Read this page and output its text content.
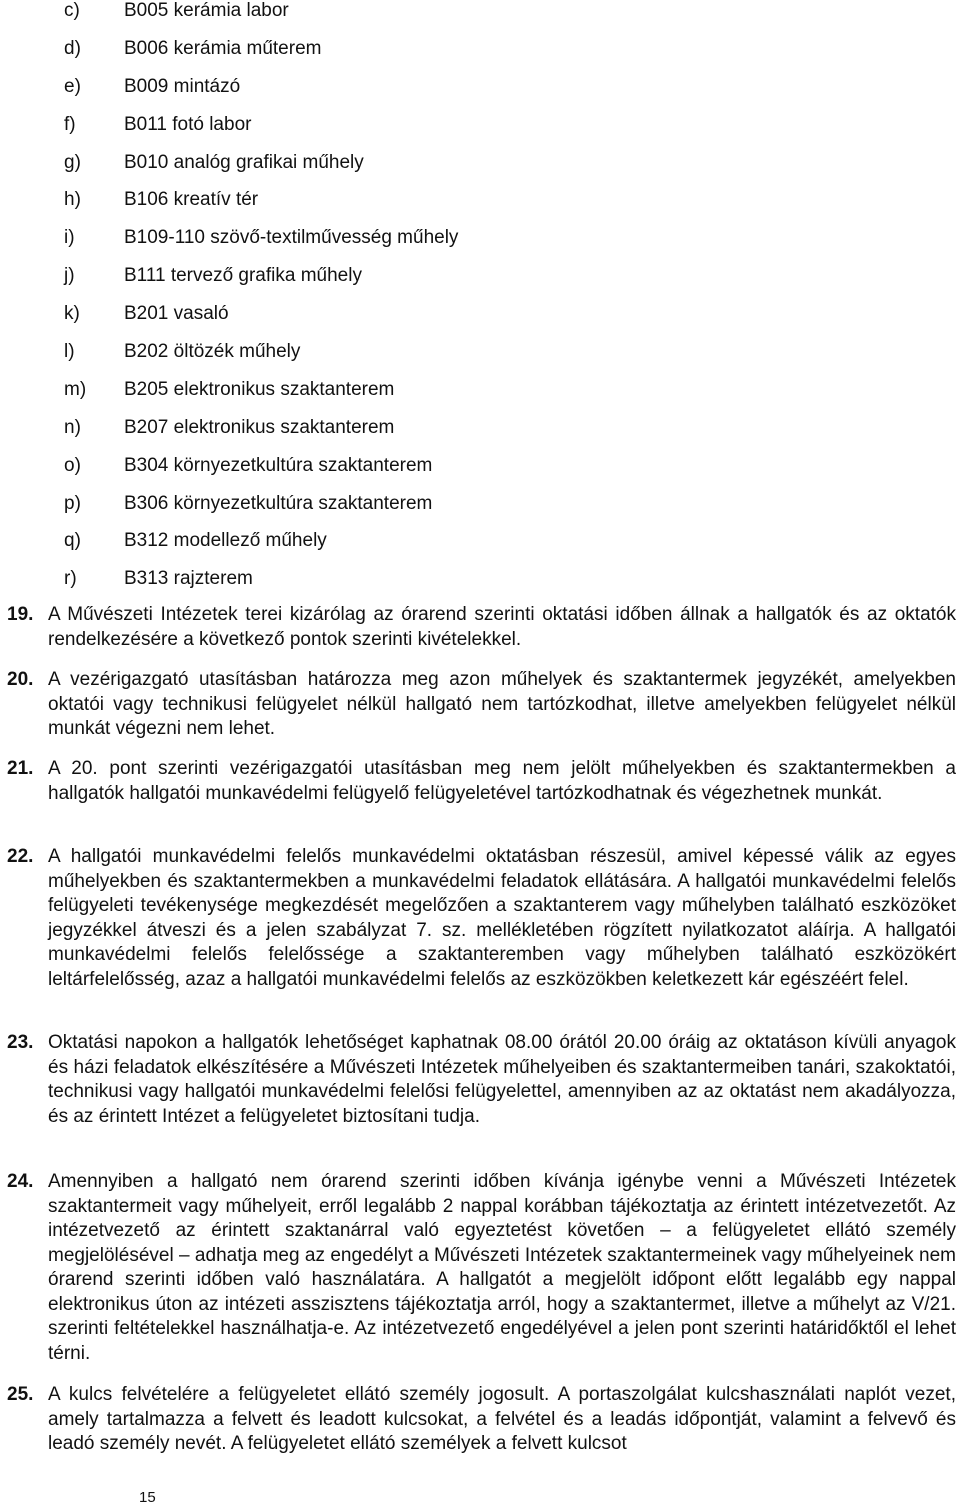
c) B005 kerámia labor
d) B006 kerámia műterem
e) B009 mintázó
f)	B011 fotó labor
g) B010 analóg grafikai műhely
h) B106 kreatív tér
i)	B109-110 szövő-textilművesség műhely
j)	B111 tervező grafika műhely
k) B201 vasaló
l)	B202 öltözék műhely
m) B205 elektronikus szaktanterem
n) B207 elektronikus szaktanterem
o) B304 környezetkultúra szaktanterem
p) B306 környezetkultúra szaktanterem
q) B312 modellező műhely
r) B313 rajzterem
19. A Művészeti Intézetek terei kizárólag az órarend szerinti oktatási időben állnak a hallgatók és az oktatók rendelkezésére a következő pontok szerinti kivételekkel.
20. A vezérigazgató utasításban határozza meg azon műhelyek és szaktantermek jegyzékét, amelyekben oktatói vagy technikusi felügyelet nélkül hallgató nem tartózkodhat, illetve amelyekben felügyelet nélkül munkát végezni nem lehet.
21. A 20. pont szerinti vezérigazgatói utasításban meg nem jelölt műhelyekben és szaktantermekben a hallgatók hallgatói munkavédelmi felügyelő felügyeletével tartózkodhatnak és végezhetnek munkát.
22. A hallgatói munkavédelmi felelős munkavédelmi oktatásban részesül, amivel képessé válik az egyes műhelyekben és szaktantermekben a munkavédelmi feladatok ellátására. A hallgatói munkavédelmi felelős felügyeleti tevékenysége megkezdését megelőzően a szaktanterem vagy műhelyben található eszközöket jegyzékkel átveszi és a jelen szabályzat 7. sz. mellékletében rögzített nyilatkozatot aláírja. A hallgatói munkavédelmi felelős felelőssége a szaktanteremben vagy műhelyben található eszközökért leltárfelelősség, azaz a hallgatói munkavédelmi felelős az eszközökben keletkezett kár egészéért felel.
23. Oktatási napokon a hallgatók lehetőséget kaphatnak 08.00 órától 20.00 óráig az oktatáson kívüli anyagok és házi feladatok elkészítésére a Művészeti Intézetek műhelyeiben és szaktantermeiben tanári, szakoktatói, technikusi vagy hallgatói munkavédelmi felelősi felügyelettel, amennyiben az az oktatást nem akadályozza, és az érintett Intézet a felügyeletet biztosítani tudja.
24. Amennyiben a hallgató nem órarend szerinti időben kívánja igénybe venni a Művészeti Intézetek szaktantermeit vagy műhelyeit, erről legalább 2 nappal korábban tájékoztatja az érintett intézetvezetőt. Az intézetvezető az érintett szaktanárral való egyeztetést követően – a felügyeletet ellátó személy megjelölésével – adhatja meg az engedélyt a Művészeti Intézetek szaktantermeinek vagy műhelyeinek nem órarend szerinti időben való használatára. A hallgatót a megjelölt időpont előtt legalább egy nappal elektronikus úton az intézeti asszisztens tájékoztatja arról, hogy a szaktantermet, illetve a műhelyt az V/21. szerinti feltételekkel használhatja-e. Az intézetvezető engedélyével a jelen pont szerinti határidőktől el lehet térni.
25. A kulcs felvételére a felügyeletet ellátó személy jogosult. A portaszolgálat kulcshasználati naplót vezet, amely tartalmazza a felvett és leadott kulcsokat, a felvétel és a leadás időpontját, valamint a felvevő és leadó személy nevét. A felügyeletet ellátó személyek a felvett kulcsot
15
